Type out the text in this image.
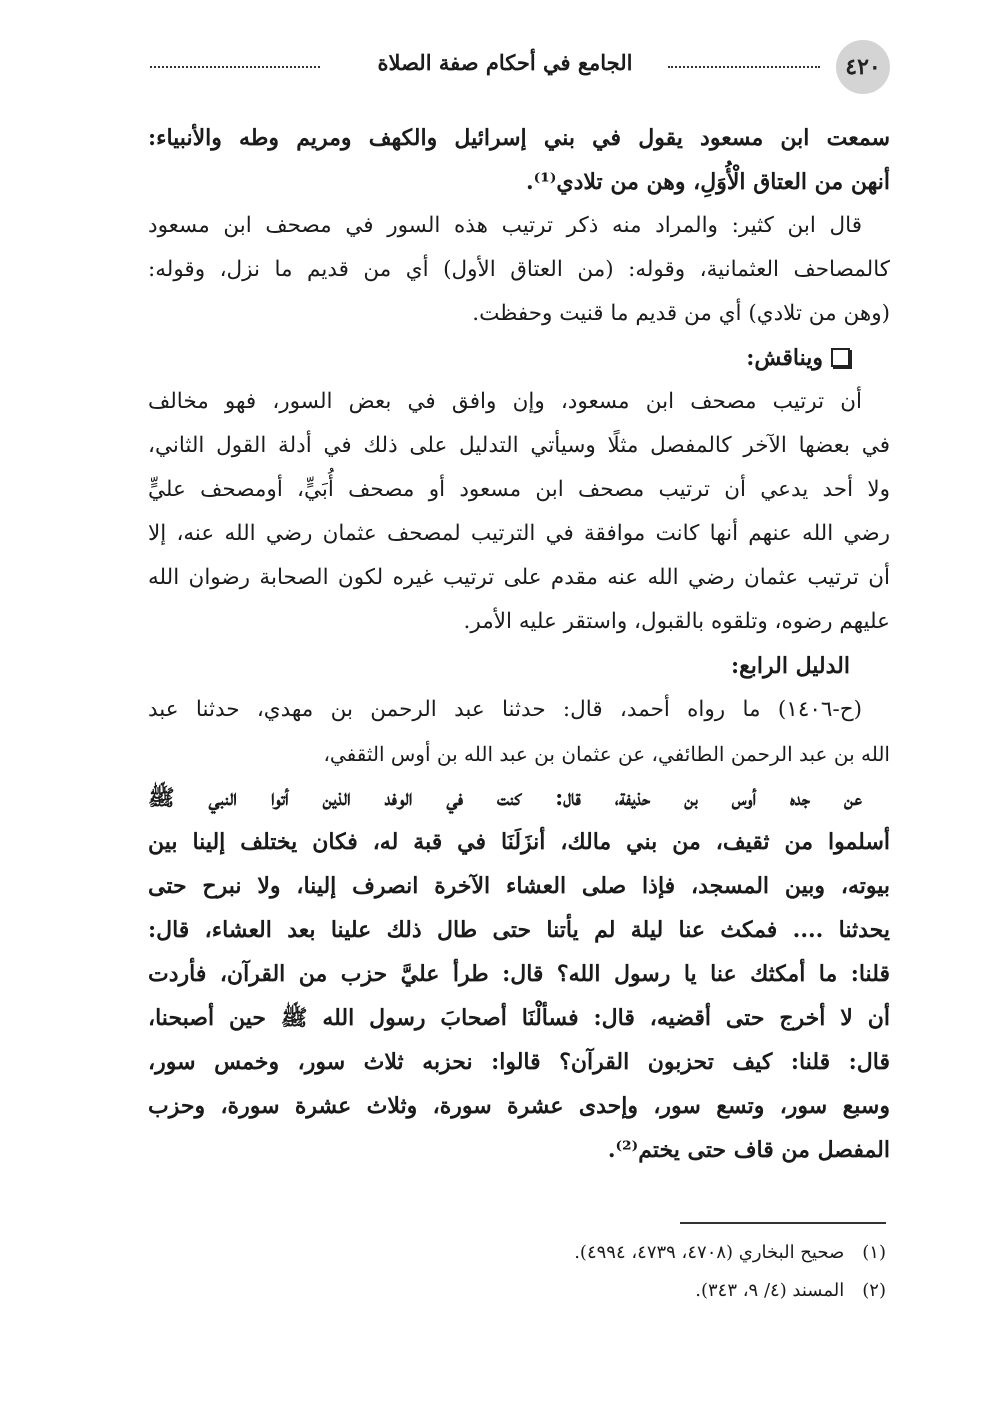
٤٢٠
الجامع في أحكام صفة الصلاة
سمعت ابن مسعود يقول في بني إسرائيل والكهف ومريم وطه والأنبياء:
أنهن من العتاق الْأُوَلِ، وهن من تلادي⁽¹⁾.
قال ابن كثير: والمراد منه ذكر ترتيب هذه السور في مصحف ابن مسعود
كالمصاحف العثمانية، وقوله: (من العتاق الأول) أي من قديم ما نزل، وقوله:
(وهن من تلادي) أي من قديم ما قنيت وحفظت.
ويناقش:
أن ترتيب مصحف ابن مسعود، وإن وافق في بعض السور، فهو مخالف
في بعضها الآخر كالمفصل مثلًا وسيأتي التدليل على ذلك في أدلة القول الثاني،
ولا أحد يدعي أن ترتيب مصحف ابن مسعود أو مصحف أُبَيٍّ، أومصحف عليٍّ
رضي الله عنهم أنها كانت موافقة في الترتيب لمصحف عثمان رضي الله عنه، إلا
أن ترتيب عثمان رضي الله عنه مقدم على ترتيب غيره لكون الصحابة رضوان الله
عليهم رضوه، وتلقوه بالقبول، واستقر عليه الأمر.
الدليل الرابع:
(ح-١٤٠٦) ما رواه أحمد، قال: حدثنا عبد الرحمن بن مهدي، حدثنا عبد
الله بن عبد الرحمن الطائفي، عن عثمان بن عبد الله بن أوس الثقفي،
عن جده أوس بن حذيفة، قال: كنت في الوفد الذين أتوا النبي ﷺ
أسلموا من ثقيف، من بني مالك، أنزَلَنَا في قبة له، فكان يختلف إلينا بين
بيوته، وبين المسجد، فإذا صلى العشاء الآخرة انصرف إلينا، ولا نبرح حتى
يحدثنا .... فمكث عنا ليلة لم يأتنا حتى طال ذلك علينا بعد العشاء، قال:
قلنا: ما أمكثك عنا يا رسول الله؟ قال: طرأ عليَّ حزب من القرآن، فأردت
أن لا أخرج حتى أقضيه، قال: فسألْنَا أصحابَ رسول الله ﷺ حين أصبحنا،
قال: قلنا: كيف تحزبون القرآن؟ قالوا: نحزبه ثلاث سور، وخمس سور،
وسبع سور، وتسع سور، وإحدى عشرة سورة، وثلاث عشرة سورة، وحزب
المفصل من قاف حتى يختم⁽²⁾.
(١) صحيح البخاري (٤٧٠٨، ٤٧٣٩، ٤٩٩٤).
(٢) المسند (٤/ ٩، ٣٤٣).
